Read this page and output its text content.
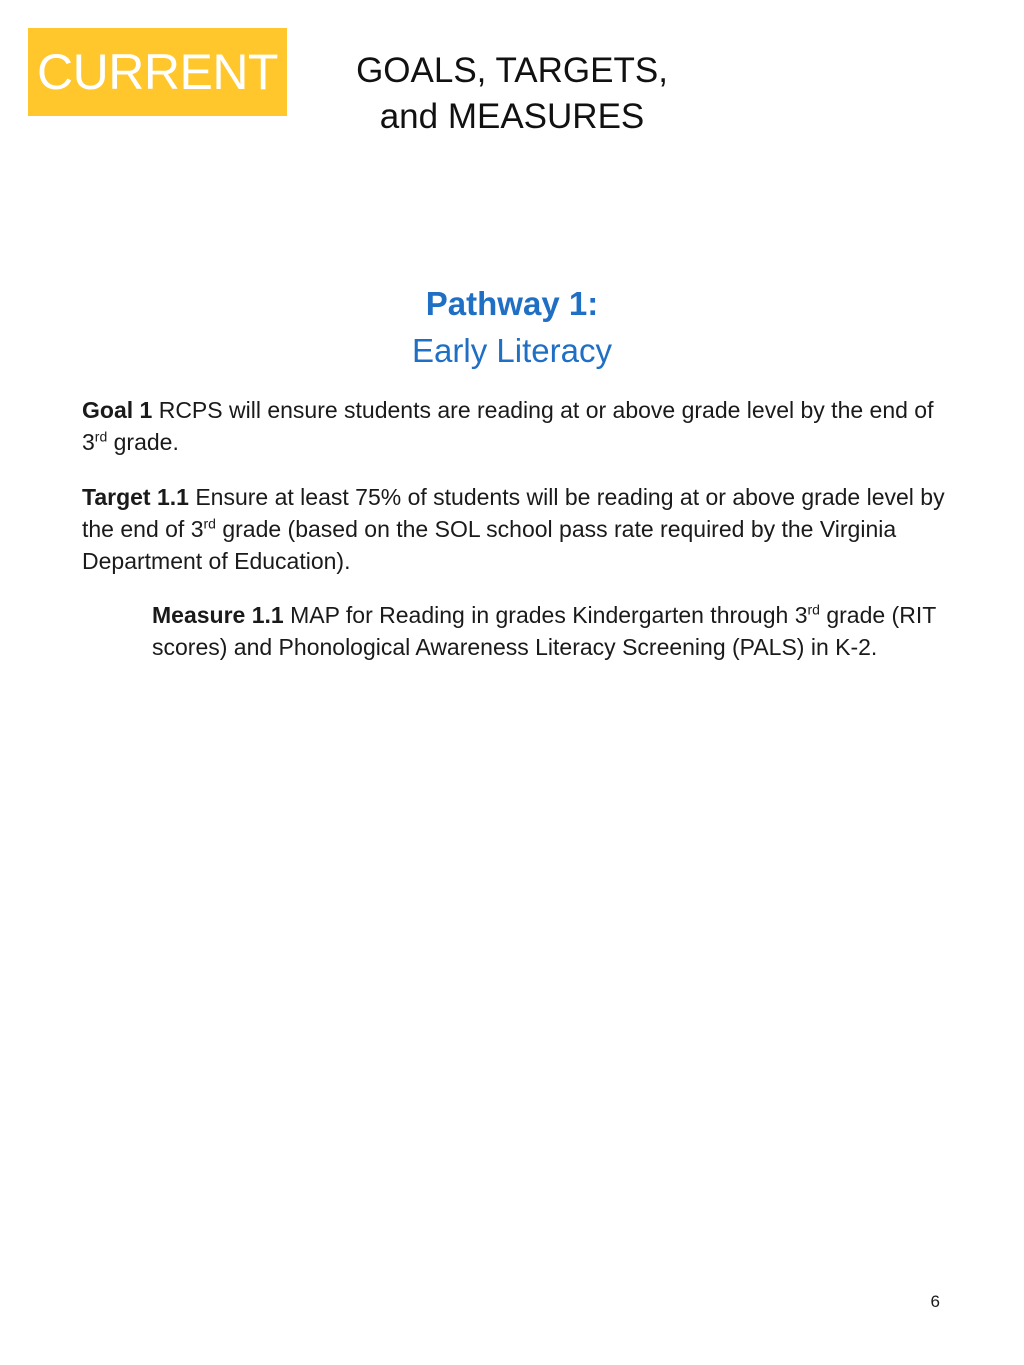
CURRENT	GOALS, TARGETS,
and MEASURES
Pathway 1:
Early Literacy
Goal 1 RCPS will ensure students are reading at or above grade level by the end of 3rd grade.
Target 1.1 Ensure at least 75% of students will be reading at or above grade level by the end of 3rd grade (based on the SOL school pass rate required by the Virginia Department of Education).
Measure 1.1 MAP for Reading in grades Kindergarten through 3rd grade (RIT scores) and Phonological Awareness Literacy Screening (PALS) in K-2.
6
